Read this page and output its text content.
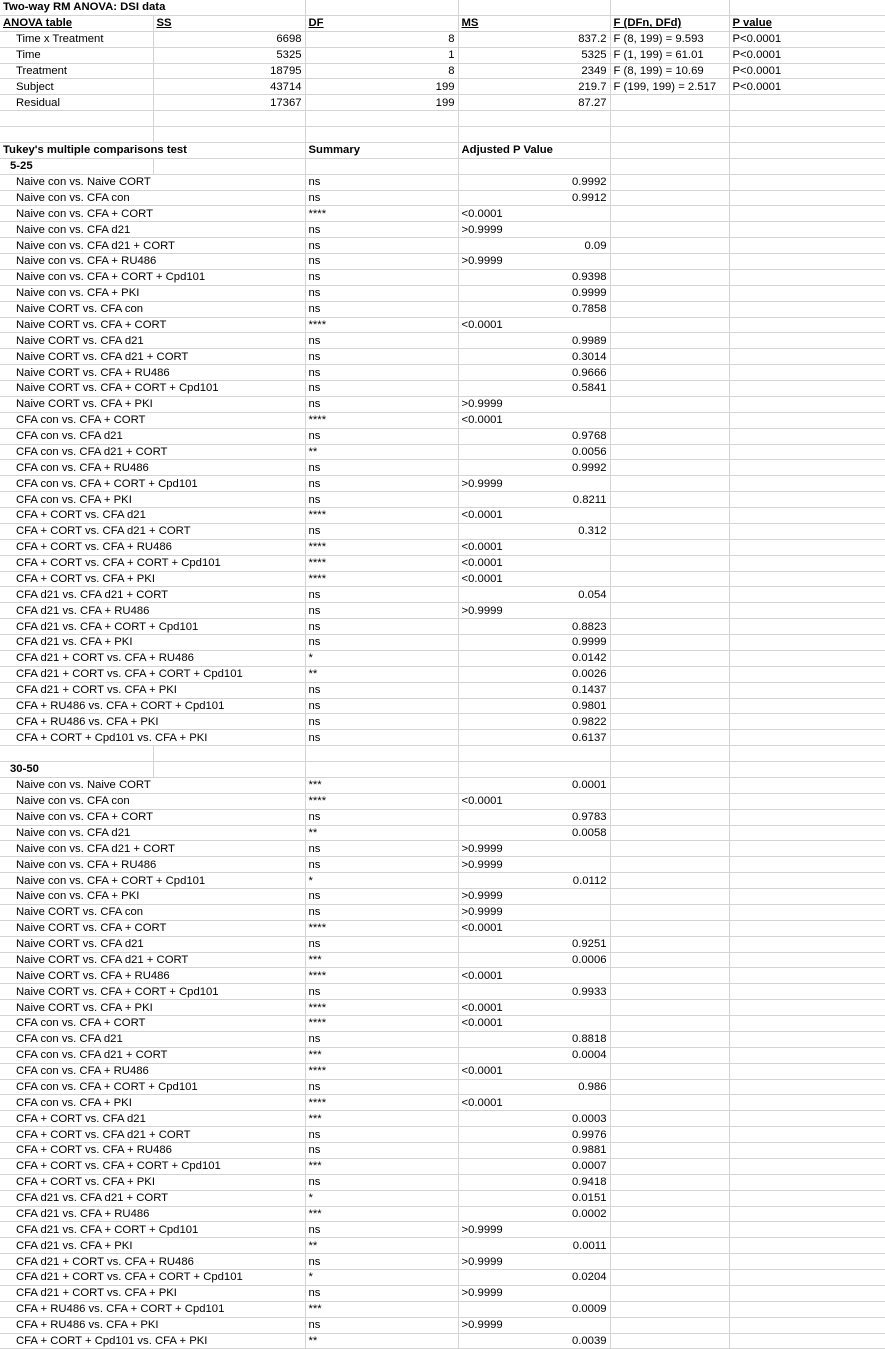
Two-way RM ANOVA: DSI data					
ANOVA table	SS	DF	MS	F (DFn, DFd)	P value
Time x Treatment	6698	8	837.2	F (8, 199) = 9.593	P<0.0001
Time	5325	1	5325	F (1, 199) = 61.01	P<0.0001
Treatment	18795	8	2349	F (8, 199) = 10.69	P<0.0001
Subject	43714	199	219.7	F (199, 199) = 2.517	P<0.0001
Residual	17367	199	87.27		

Tukey's multiple comparisons test		Summary	Adjusted P Value		
5-25					
Naive con vs. Naive CORT		ns	0.9992		
Naive con vs. CFA con		ns	0.9912		
Naive con vs. CFA + CORT		****	<0.0001		
Naive con vs. CFA d21		ns	>0.9999		
Naive con vs. CFA d21 + CORT		ns	0.09		
Naive con vs. CFA + RU486		ns	>0.9999		
Naive con vs. CFA + CORT + Cpd101		ns	0.9398		
Naive con vs. CFA + PKI		ns	0.9999		
Naive CORT vs. CFA con		ns	0.7858		
Naive CORT vs. CFA + CORT		****	<0.0001		
Naive CORT vs. CFA d21		ns	0.9989		
Naive CORT vs. CFA d21 + CORT		ns	0.3014		
Naive CORT vs. CFA + RU486		ns	0.9666		
Naive CORT vs. CFA + CORT + Cpd101		ns	0.5841		
Naive CORT vs. CFA + PKI		ns	>0.9999		
CFA con vs. CFA + CORT		****	<0.0001		
CFA con vs. CFA d21		ns	0.9768		
CFA con vs. CFA d21 + CORT		**	0.0056		
CFA con vs. CFA + RU486		ns	0.9992		
CFA con vs. CFA + CORT + Cpd101		ns	>0.9999		
CFA con vs. CFA + PKI		ns	0.8211		
CFA + CORT vs. CFA d21		****	<0.0001		
CFA + CORT vs. CFA d21 + CORT		ns	0.312		
CFA + CORT vs. CFA + RU486		****	<0.0001		
CFA + CORT vs. CFA + CORT + Cpd101		****	<0.0001		
CFA + CORT vs. CFA + PKI		****	<0.0001		
CFA d21 vs. CFA d21 + CORT		ns	0.054		
CFA d21 vs. CFA + RU486		ns	>0.9999		
CFA d21 vs. CFA + CORT + Cpd101		ns	0.8823		
CFA d21 vs. CFA + PKI		ns	0.9999		
CFA d21 + CORT vs. CFA + RU486		*	0.0142		
CFA d21 + CORT vs. CFA + CORT + Cpd101		**	0.0026		
CFA d21 + CORT vs. CFA + PKI		ns	0.1437		
CFA + RU486 vs. CFA + CORT + Cpd101		ns	0.9801		
CFA + RU486 vs. CFA + PKI		ns	0.9822		
CFA + CORT + Cpd101 vs. CFA + PKI		ns	0.6137		

30-50					
Naive con vs. Naive CORT		***	0.0001		
Naive con vs. CFA con		****	<0.0001		
Naive con vs. CFA + CORT		ns	0.9783		
Naive con vs. CFA d21		**	0.0058		
Naive con vs. CFA d21 + CORT		ns	>0.9999		
Naive con vs. CFA + RU486		ns	>0.9999		
Naive con vs. CFA + CORT + Cpd101		*	0.0112		
Naive con vs. CFA + PKI		ns	>0.9999		
Naive CORT vs. CFA con		ns	>0.9999		
Naive CORT vs. CFA + CORT		****	<0.0001		
Naive CORT vs. CFA d21		ns	0.9251		
Naive CORT vs. CFA d21 + CORT		***	0.0006		
Naive CORT vs. CFA + RU486		****	<0.0001		
Naive CORT vs. CFA + CORT + Cpd101		ns	0.9933		
Naive CORT vs. CFA + PKI		****	<0.0001		
CFA con vs. CFA + CORT		****	<0.0001		
CFA con vs. CFA d21		ns	0.8818		
CFA con vs. CFA d21 + CORT		***	0.0004		
CFA con vs. CFA + RU486		****	<0.0001		
CFA con vs. CFA + CORT + Cpd101		ns	0.986		
CFA con vs. CFA + PKI		****	<0.0001		
CFA + CORT vs. CFA d21		***	0.0003		
CFA + CORT vs. CFA d21 + CORT		ns	0.9976		
CFA + CORT vs. CFA + RU486		ns	0.9881		
CFA + CORT vs. CFA + CORT + Cpd101		***	0.0007		
CFA + CORT vs. CFA + PKI		ns	0.9418		
CFA d21 vs. CFA d21 + CORT		*	0.0151		
CFA d21 vs. CFA + RU486		***	0.0002		
CFA d21 vs. CFA + CORT + Cpd101		ns	>0.9999		
CFA d21 vs. CFA + PKI		**	0.0011		
CFA d21 + CORT vs. CFA + RU486		ns	>0.9999		
CFA d21 + CORT vs. CFA + CORT + Cpd101		*	0.0204		
CFA d21 + CORT vs. CFA + PKI		ns	>0.9999		
CFA + RU486 vs. CFA + CORT + Cpd101		***	0.0009		
CFA + RU486 vs. CFA + PKI		ns	>0.9999		
CFA + CORT + Cpd101 vs. CFA + PKI		**	0.0039		
